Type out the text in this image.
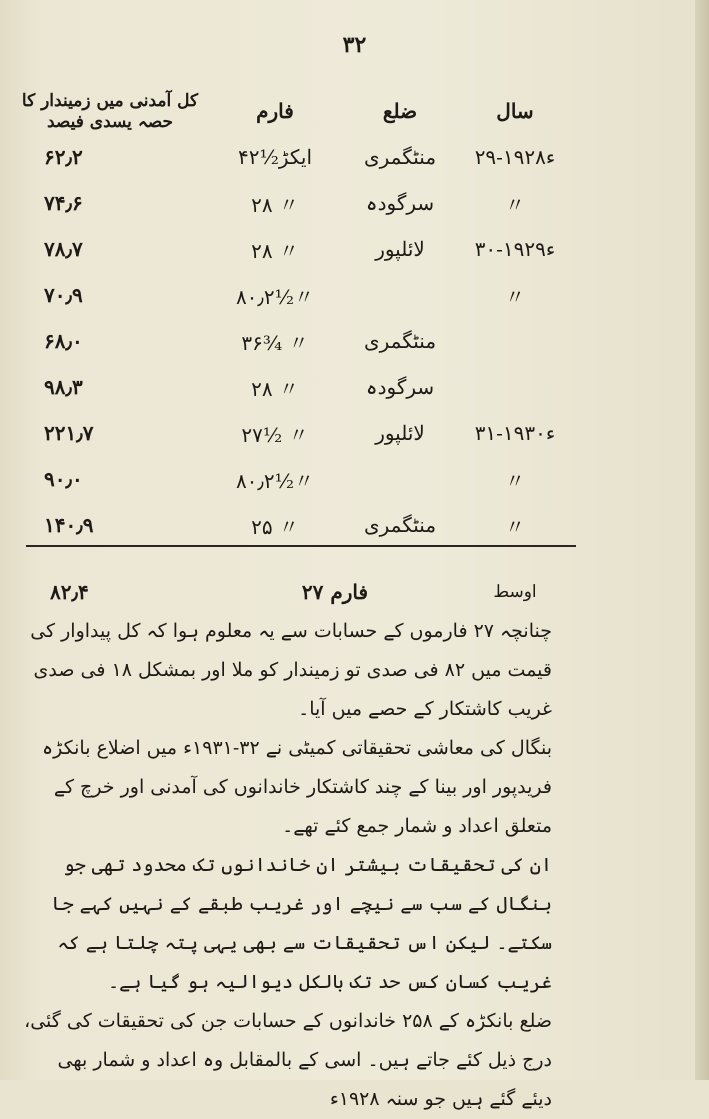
۳۲
سال
ضلع
فارم
کل آمدنی میں زمیندار کا حصہ یسدی فیصد
۲۹-۱۹۲۸ء
منٹگمری
۴۲½ایکڑ
۶۲٫۲
〃
سرگودہ
۲۸ 〃
۷۴٫۶
۳۰-۱۹۲۹ء
لائلپور
۲۸ 〃
۷۸٫۷
〃
۸۰٫۲½〃
۷۰٫۹
منٹگمری
۳۶¾ 〃
۶۸٫۰
سرگودہ
۲۸ 〃
۹۸٫۳
۳۱-۱۹۳۰ء
لائلپور
۲۷½ 〃
۲۲۱٫۷
〃
۸۰٫۲½〃
۹۰٫۰
〃
منٹگمری
۲۵ 〃
۱۴۰٫۹
اوسط
۲۷ فارم
۸۲٫۴

چنانچہ ۲۷ فارموں کے حسابات سے یہ معلوم ہوا کہ کل پیداوار کی قیمت میں ۸۲ فی صدی تو زمیندار کو ملا اور بمشکل ۱۸ فی صدی غریب کاشتکار کے حصے میں آیا۔

بنگال کی معاشی تحقیقاتی کمیٹی نے ۳۲-۱۹۳۱ء میں اضلاع بانکڑہ فریدپور اور بینا کے چند کاشتکار خاندانوں کی آمدنی اور خرچ کے متعلق اعداد و شمار جمع کئے تھے۔

ان کی تحقیقات بیشتر ان خاندانوں تک محدود تھی جو بنگال کے سب سے نیچے اور غریب طبقے کے نہیں کہے جا سکتے۔ لیکن اس تحقیقات سے بھی یہی پتہ چلتا ہے کہ غریب کسان کس حد تک بالکل دیوالیہ ہو گیا ہے۔

ضلع بانکڑہ کے ۲۵۸ خاندانوں کے حسابات جن کی تحقیقات کی گئی، درج ذیل کئے جاتے ہیں۔ اسی کے بالمقابل وہ اعداد و شمار بھی دیئے گئے ہیں جو سنہ ۱۹۲۸ء
